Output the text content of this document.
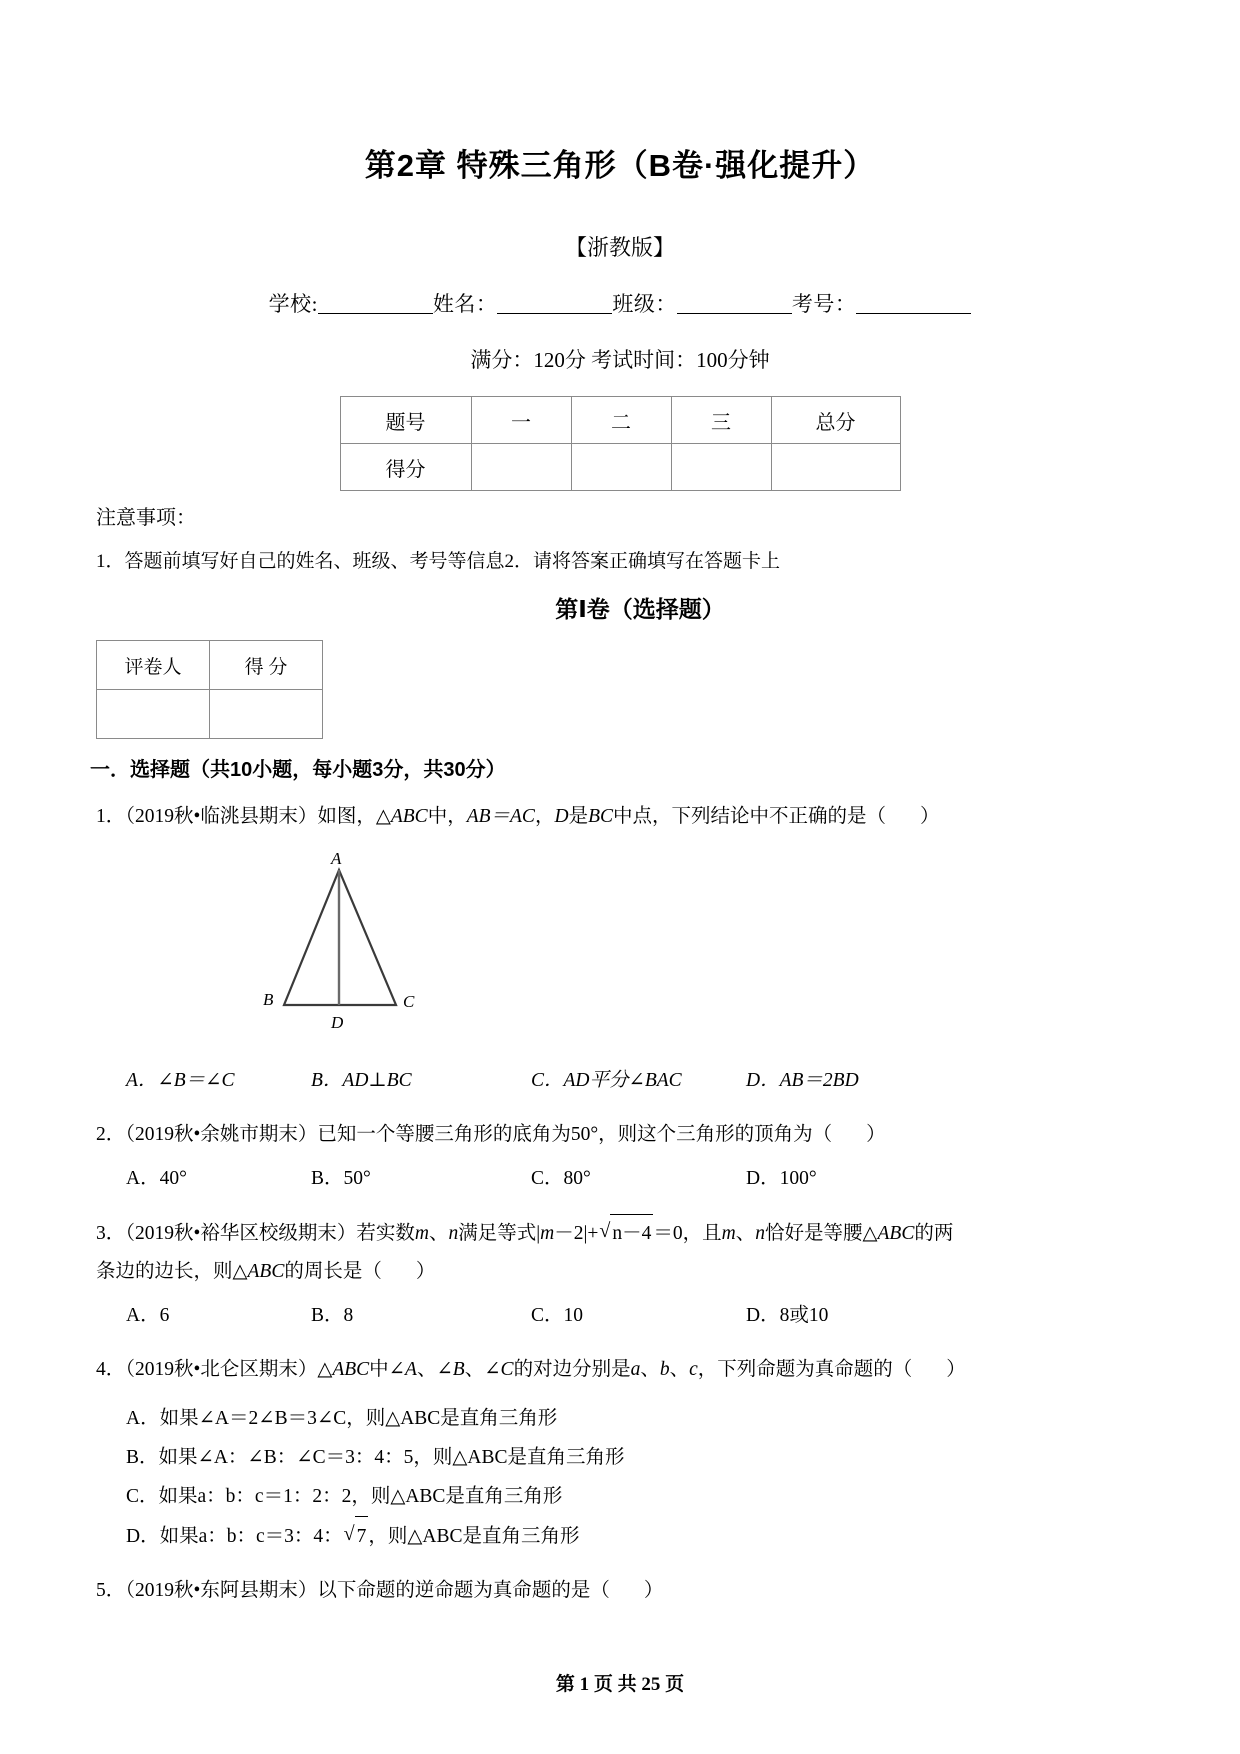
第2章 特殊三角形（B卷·强化提升）
【浙教版】
学校:	姓名：	班级：	考号：
满分：120分 考试时间：100分钟
题号	一	二	三	总分
得分				
注意事项：
1．答题前填写好自己的姓名、班级、考号等信息2．请将答案正确填写在答题卡上
第Ⅰ卷（选择题）
评卷人	得 分

一．选择题（共10小题，每小题3分，共30分）
1．（2019秋•临洮县期末）如图，△ABC中，AB＝AC，D是BC中点，下列结论中不正确的是（ ）
A
B
D
C
A．∠B＝∠C	B．AD⊥BC	C．AD平分∠BAC	D．AB＝2BD
2．（2019秋•余姚市期末）已知一个等腰三角形的底角为50°，则这个三角形的顶角为（ ）
A．40°	B．50°	C．80°	D．100°
3．（2019秋•裕华区校级期末）若实数m、n满足等式|m－2|+ √ n－4 ＝0，且m、n恰好是等腰△ABC的两
条边的边长，则△ABC的周长是（ ）
A．6	B．8	C．10	D．8或10
4．（2019秋•北仑区期末）△ABC中∠A、∠B、∠C的对边分别是a、b、c，下列命题为真命题的（ ）
A．如果∠A＝2∠B＝3∠C，则△ABC是直角三角形
B．如果∠A：∠B：∠C＝3：4：5，则△ABC是直角三角形
C．如果a：b：c＝1：2：2，则△ABC是直角三角形
D．如果a：b：c＝3：4： √ 7 ，则△ABC是直角三角形
5．（2019秋•东阿县期末）以下命题的逆命题为真命题的是（ ）
第 1 页 共 25 页
